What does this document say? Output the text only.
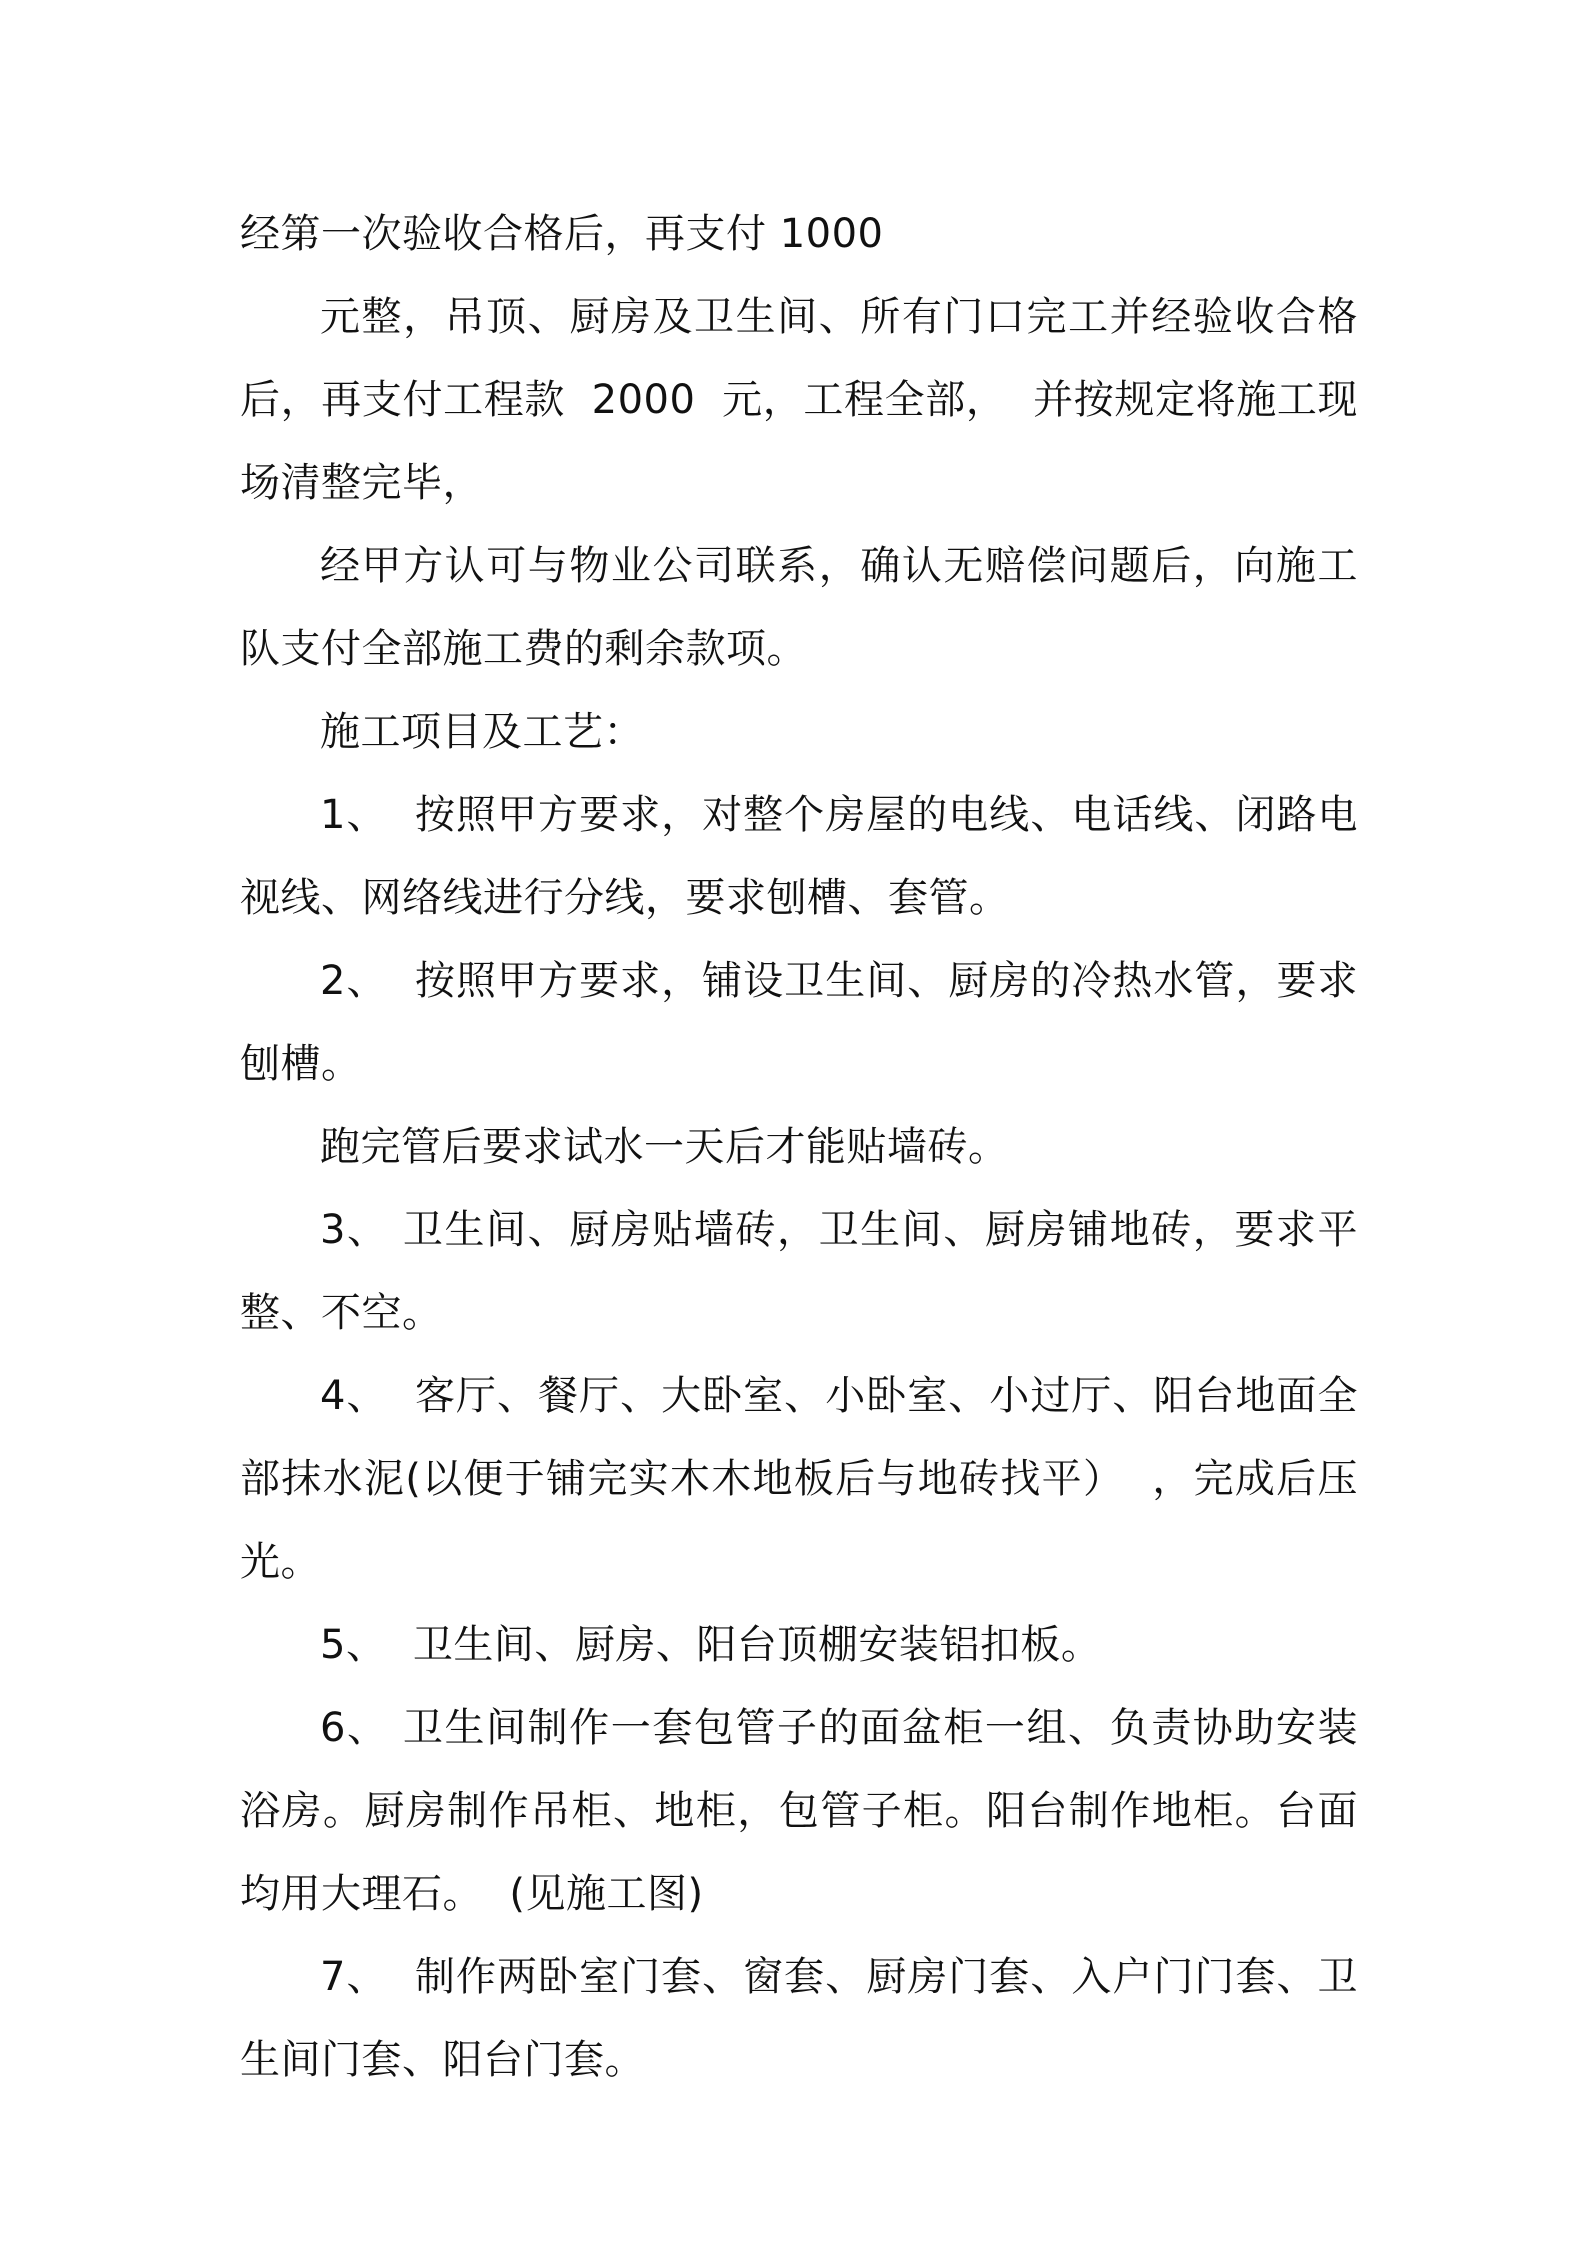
经第一次验收合格后，再支付 1000

元整，吊顶、厨房及卫生间、所有门口完工并经验收合格后，再支付工程款  2000  元，工程全部，  并按规定将施工现场清整完毕，

经甲方认可与物业公司联系，确认无赔偿问题后，向施工队支付全部施工费的剩余款项。

施工项目及工艺：

1、  按照甲方要求，对整个房屋的电线、电话线、闭路电视线、网络线进行分线，要求刨槽、套管。

2、  按照甲方要求，铺设卫生间、厨房的冷热水管，要求刨槽。

跑完管后要求试水一天后才能贴墙砖。

3、 卫生间、厨房贴墙砖，卫生间、厨房铺地砖，要求平整、不空。

4、  客厅、餐厅、大卧室、小卧室、小过厅、阳台地面全部抹水泥(以便于铺完实木木地板后与地砖找平）  ，完成后压光。

5、  卫生间、厨房、阳台顶棚安装铝扣板。

6、 卫生间制作一套包管子的面盆柜一组、负责协助安装浴房。厨房制作吊柜、地柜，包管子柜。阳台制作地柜。台面均用大理石。  (见施工图)

7、  制作两卧室门套、窗套、厨房门套、入户门门套、卫生间门套、阳台门套。
